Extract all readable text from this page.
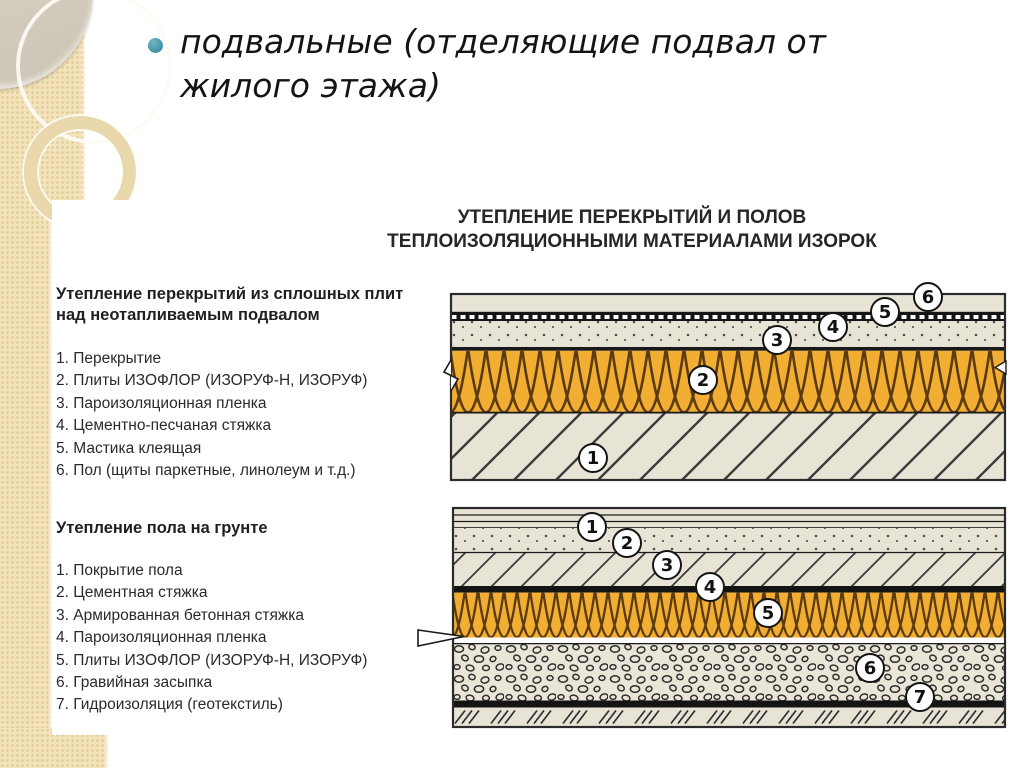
подвальные (отделяющие подвал от
жилого этажа)
УТЕПЛЕНИЕ ПЕРЕКРЫТИЙ И ПОЛОВ
ТЕПЛОИЗОЛЯЦИОННЫМИ МАТЕРИАЛАМИ ИЗОРОК
Утепление перекрытий из сплошных плит
над неотапливаемым подвалом
1. Перекрытие
2. Плиты ИЗОФЛОР (ИЗОРУФ-Н, ИЗОРУФ)
3. Пароизоляционная пленка
4. Цементно-песчаная стяжка
5. Мастика клеящая
6. Пол (щиты паркетные, линолеум и т.д.)
Утепление пола на грунте
1. Покрытие пола
2. Цементная стяжка
3. Армированная бетонная стяжка
4. Пароизоляционная пленка
5. Плиты ИЗОФЛОР (ИЗОРУФ-Н, ИЗОРУФ)
6. Гравийная засыпка
7. Гидроизоляция (геотекстиль)
1
2
3
4
5
6
1
2
3
4
5
6
7
